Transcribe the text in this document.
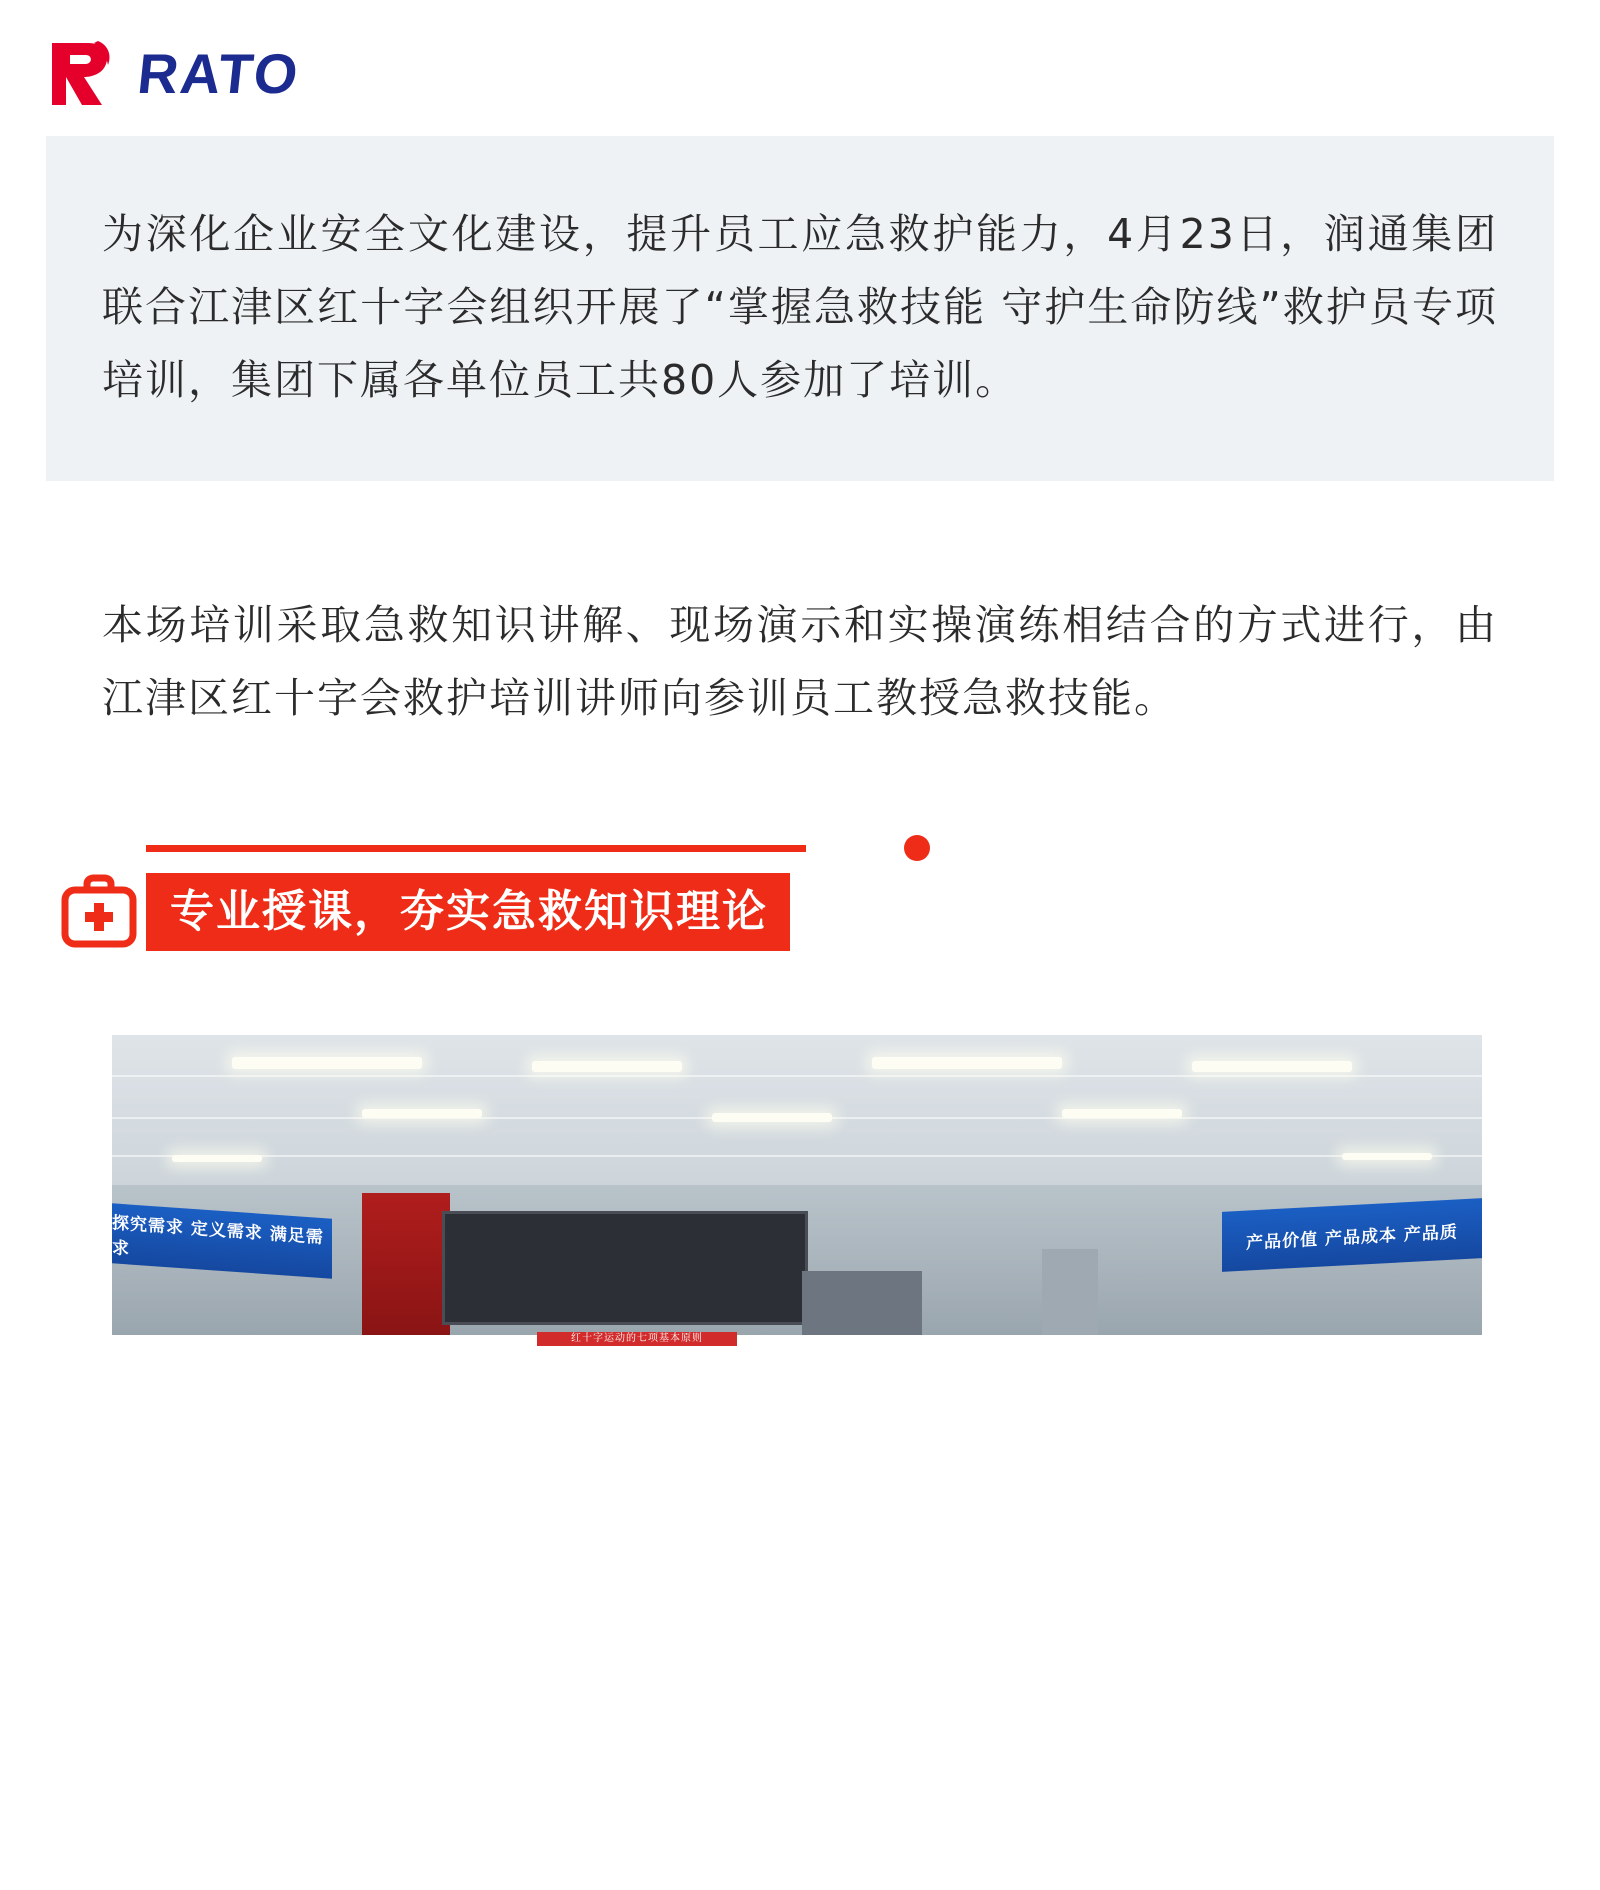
RATO

为深化企业安全文化建设，提升员工应急救护能力，4月23日，润通集团联合江津区红十字会组织开展了“掌握急救技能 守护生命防线”救护员专项培训，集团下属各单位员工共80人参加了培训。

本场培训采取急救知识讲解、现场演示和实操演练相结合的方式进行，由江津区红十字会救护培训讲师向参训员工教授急救技能。
专业授课，夯实急救知识理论
红十字运动的七项基本原则
探究需求 定义需求 满足需求	产品价值 产品成本 产品质
